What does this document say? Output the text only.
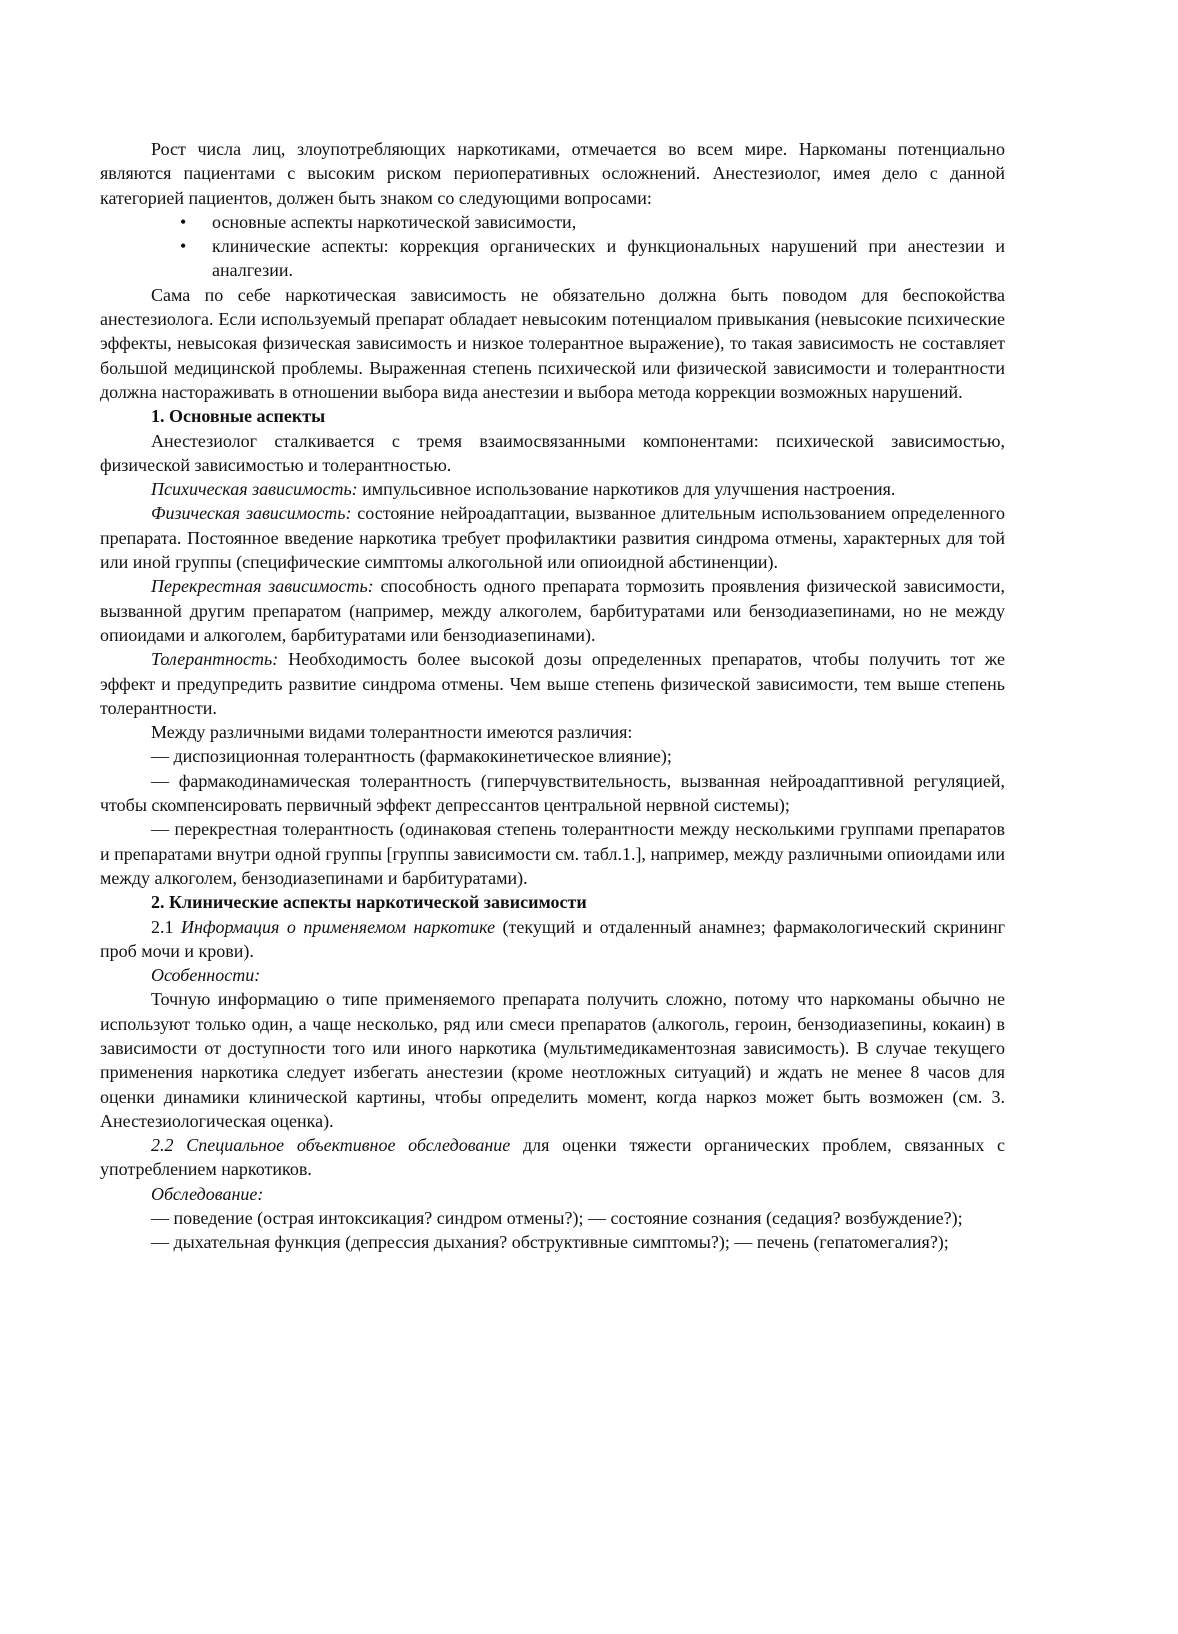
Рост числа лиц, злоупотребляющих наркотиками, отмечается во всем мире. Наркоманы потенциально являются пациентами с высоким риском периоперативных осложнений. Анестезиолог, имея дело с данной категорией пациентов, должен быть знаком со следующими вопросами:

• основные аспекты наркотической зависимости,
• клинические аспекты: коррекция органических и функциональных нарушений при анестезии и аналгезии.

Сама по себе наркотическая зависимость не обязательно должна быть поводом для беспокойства анестезиолога. Если используемый препарат обладает невысоким потенциалом привыкания (невысокие психические эффекты, невысокая физическая зависимость и низкое толерантное выражение), то такая зависимость не составляет большой медицинской проблемы. Выраженная степень психической или физической зависимости и толерантности должна настораживать в отношении выбора вида анестезии и выбора метода коррекции возможных нарушений.

1. Основные аспекты

Анестезиолог сталкивается с тремя взаимосвязанными компонентами: психической зависимостью, физической зависимостью и толерантностью.

Психическая зависимость: импульсивное использование наркотиков для улучшения настроения.

Физическая зависимость: состояние нейроадаптации, вызванное длительным использованием определенного препарата. Постоянное введение наркотика требует профилактики развития синдрома отмены, характерных для той или иной группы (специфические симптомы алкогольной или опиоидной абстиненции).

Перекрестная зависимость: способность одного препарата тормозить проявления физической зависимости, вызванной другим препаратом (например, между алкоголем, барбитуратами или бензодиазепинами, но не между опиоидами и алкоголем, барбитуратами или бензодиазепинами).

Толерантность: Необходимость более высокой дозы определенных препаратов, чтобы получить тот же эффект и предупредить развитие синдрома отмены. Чем выше степень физической зависимости, тем выше степень толерантности.

Между различными видами толерантности имеются различия:

— диспозиционная толерантность (фармакокинетическое влияние);

— фармакодинамическая толерантность (гиперчувствительность, вызванная нейроадаптивной регуляцией, чтобы скомпенсировать первичный эффект депрессантов центральной нервной системы);

— перекрестная толерантность (одинаковая степень толерантности между несколькими группами препаратов и препаратами внутри одной группы [группы зависимости см. табл.1.], например, между различными опиоидами или между алкоголем, бензодиазепинами и барбитуратами).

2. Клинические аспекты наркотической зависимости

2.1 Информация о применяемом наркотике (текущий и отдаленный анамнез; фармакологический скрининг проб мочи и крови).

Особенности:

Точную информацию о типе применяемого препарата получить сложно, потому что наркоманы обычно не используют только один, а чаще несколько, ряд или смеси препаратов (алкоголь, героин, бензодиазепины, кокаин) в зависимости от доступности того или иного наркотика (мультимедикаментозная зависимость). В случае текущего применения наркотика следует избегать анестезии (кроме неотложных ситуаций) и ждать не менее 8 часов для оценки динамики клинической картины, чтобы определить момент, когда наркоз может быть возможен (см. 3. Анестезиологическая оценка).

2.2 Специальное объективное обследование для оценки тяжести органических проблем, связанных с употреблением наркотиков.

Обследование:

— поведение (острая интоксикация? синдром отмены?); — состояние сознания (седация? возбуждение?);

— дыхательная функция (депрессия дыхания? обструктивные симптомы?); — печень (гепатомегалия?);
